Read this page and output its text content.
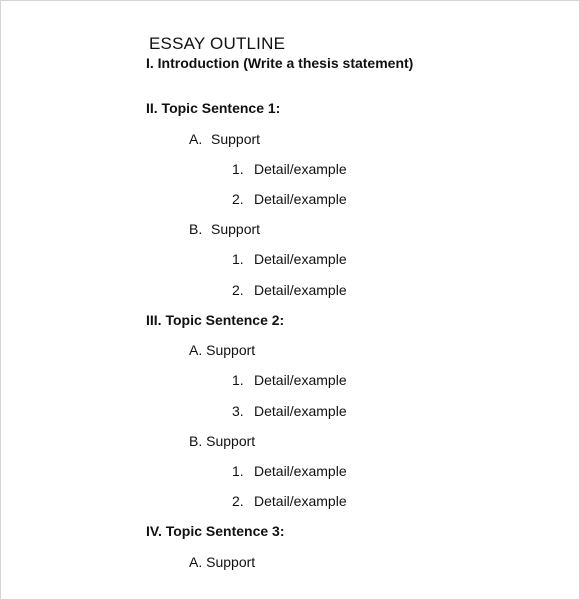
ESSAY OUTLINE
I. Introduction (Write a thesis statement)
II. Topic Sentence 1:
A. Support
1. Detail/example
2. Detail/example
B. Support
1. Detail/example
2. Detail/example
III. Topic Sentence 2:
A. Support
1. Detail/example
3. Detail/example
B. Support
1. Detail/example
2. Detail/example
IV. Topic Sentence 3:
A. Support
